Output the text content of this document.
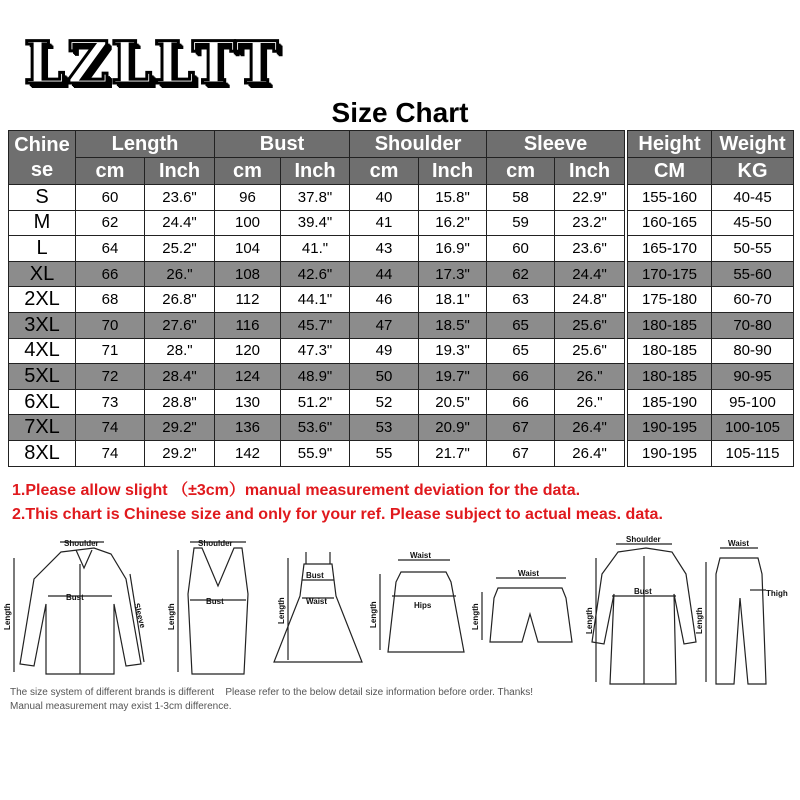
LZLLTT
Size Chart
Chine
se	Length		Bust		Shoulder		Sleeve	
	cm	Inch	cm	Inch	cm	Inch	cm	Inch
S	60	23.6"	96	37.8"	40	15.8"	58	22.9"
M	62	24.4"	100	39.4"	41	16.2"	59	23.2"
L	64	25.2"	104	41."	43	16.9"	60	23.6"
XL	66	26."	108	42.6"	44	17.3"	62	24.4"
2XL	68	26.8"	112	44.1"	46	18.1"	63	24.8"
3XL	70	27.6"	116	45.7"	47	18.5"	65	25.6"
4XL	71	28."	120	47.3"	49	19.3"	65	25.6"
5XL	72	28.4"	124	48.9"	50	19.7"	66	26."
6XL	73	28.8"	130	51.2"	52	20.5"	66	26."
7XL	74	29.2"	136	53.6"	53	20.9"	67	26.4"
8XL	74	29.2"	142	55.9"	55	21.7"	67	26.4"
Height	Weight
CM	KG
155-160	40-45
160-165	45-50
165-170	50-55
170-175	55-60
175-180	60-70
180-185	70-80
180-185	80-90
180-185	90-95
185-190	95-100
190-195	100-105
190-195	105-115
1.Please allow slight （±3cm）manual measurement deviation for the data.
2.This chart is Chinese size and only for your ref. Please subject to actual meas. data.
Shoulder
Bust
Sleeve
Length
Shoulder
Bust
Length
Bust
Waist
Length
Waist
Hips
Length
Waist
Length
Shoulder
Bust
Length
Waist
Thigh
Length
The size system of different brands is different Please refer to the below detail size information before order. Thanks!
Manual measurement may exist 1-3cm difference.
